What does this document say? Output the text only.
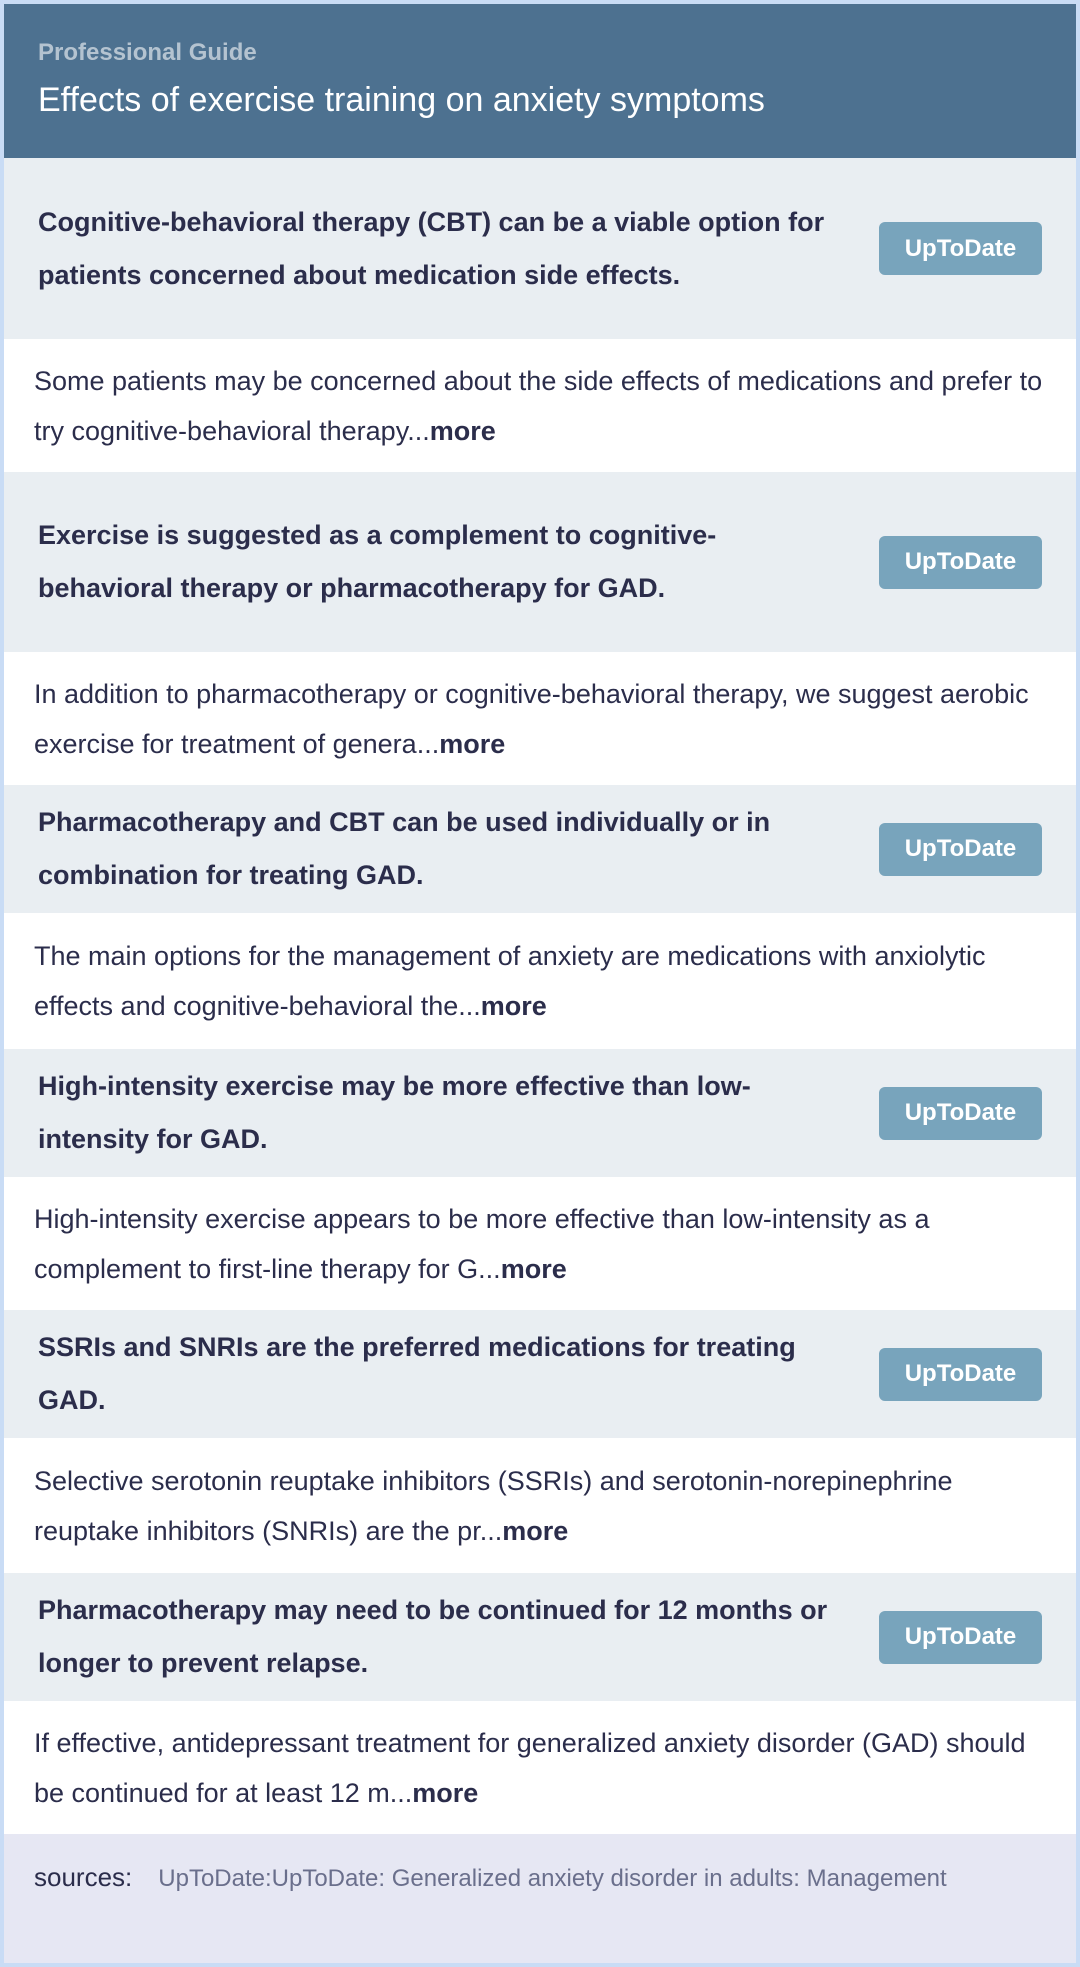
Professional Guide
Effects of exercise training on anxiety symptoms
Cognitive-behavioral therapy (CBT) can be a viable option for patients concerned about medication side effects.
UpToDate
Some patients may be concerned about the side effects of medications and prefer to try cognitive-behavioral therapy...more
Exercise is suggested as a complement to cognitive-behavioral therapy or pharmacotherapy for GAD.
UpToDate
In addition to pharmacotherapy or cognitive-behavioral therapy, we suggest aerobic exercise for treatment of genera...more
Pharmacotherapy and CBT can be used individually or in combination for treating GAD.
UpToDate
The main options for the management of anxiety are medications with anxiolytic effects and cognitive-behavioral the...more
High-intensity exercise may be more effective than low-intensity for GAD.
UpToDate
High-intensity exercise appears to be more effective than low-intensity as a complement to first-line therapy for G...more
SSRIs and SNRIs are the preferred medications for treating GAD.
UpToDate
Selective serotonin reuptake inhibitors (SSRIs) and serotonin-norepinephrine reuptake inhibitors (SNRIs) are the pr...more
Pharmacotherapy may need to be continued for 12 months or longer to prevent relapse.
UpToDate
If effective, antidepressant treatment for generalized anxiety disorder (GAD) should be continued for at least 12 m...more
sources: UpToDate:UpToDate: Generalized anxiety disorder in adults: Management
